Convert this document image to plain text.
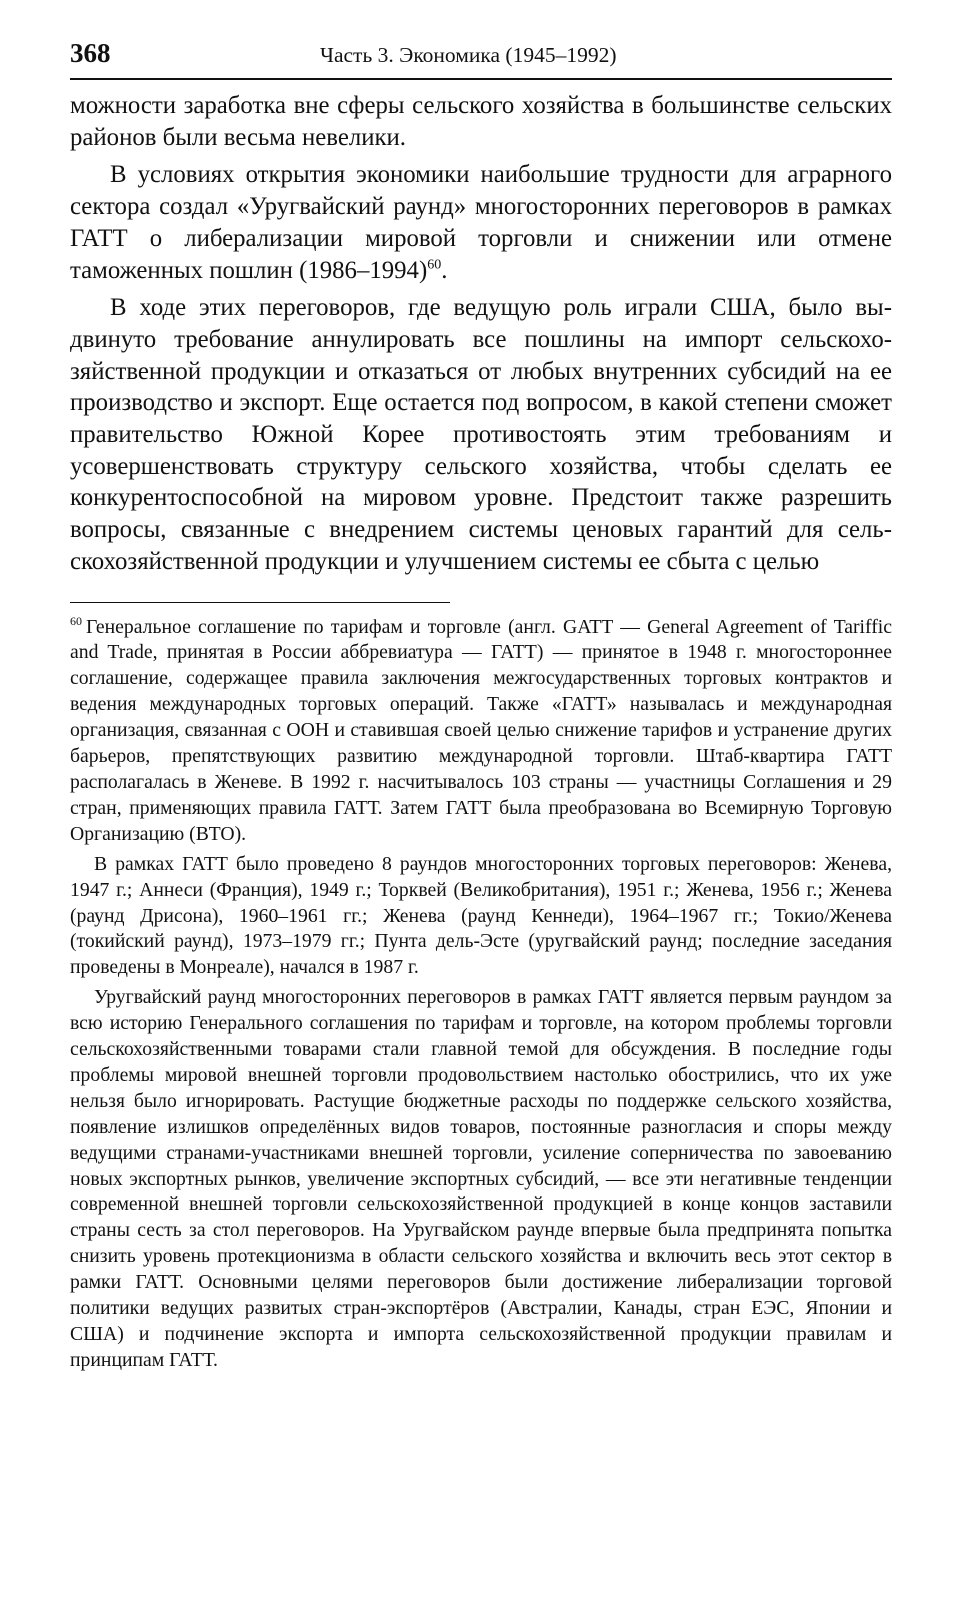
368	Часть 3. Экономика (1945–1992)

можности заработка вне сферы сельского хозяйства в большинстве сельских районов были весьма невелики.

В условиях открытия экономики наибольшие трудности для аграрного сектора создал «Уругвайский раунд» многосторонних переговоров в рамках ГАТТ о либерализации мировой торговли и снижении или отмене таможенных пошлин (1986–1994)$^{60}$.

В ходе этих переговоров, где ведущую роль играли США, было выдвинуто требование аннулировать все пошлины на импорт сельскохозяйственной продукции и отказаться от любых внутренних субсидий на ее производство и экспорт. Еще остается под вопросом, в какой степени сможет правительство Южной Корее противостоять этим требованиям и усовершенствовать структуру сельского хозяйства, чтобы сделать ее конкурентоспособной на мировом уровне. Предстоит также разрешить вопросы, связанные с внедрением системы ценовых гарантий для сельскохозяйственной продукции и улучшением системы ее сбыта с целью

$^{60}$ Генеральное соглашение по тарифам и торговле (англ. GATT — General Agreement of Tariffic and Trade, принятая в России аббревиатура — ГАТТ) — принятое в 1948 г. многостороннее соглашение, содержащее правила заключения межгосударственных торговых контрактов и ведения международных торговых операций. Также «ГАТТ» называлась и международная организация, связанная с ООН и ставившая своей целью снижение тарифов и устранение других барьеров, препятствующих развитию международной торговли. Штаб-квартира ГАТТ располагалась в Женеве. В 1992 г. насчитывалось 103 страны — участницы Соглашения и 29 стран, применяющих правила ГАТТ. Затем ГАТТ была преобразована во Всемирную Торговую Организацию (ВТО).

В рамках ГАТТ было проведено 8 раундов многосторонних торговых переговоров: Женева, 1947 г.; Аннеси (Франция), 1949 г.; Торквей (Великобритания), 1951 г.; Женева, 1956 г.; Женева (раунд Дрисона), 1960–1961 гг.; Женева (раунд Кеннеди), 1964–1967 гг.; Токио/Женева (токийский раунд), 1973–1979 гг.; Пунта дель-Эсте (уругвайский раунд; последние заседания проведены в Монреале), начался в 1987 г.

Уругвайский раунд многосторонних переговоров в рамках ГАТТ является первым раундом за всю историю Генерального соглашения по тарифам и торговле, на котором проблемы торговли сельскохозяйственными товарами стали главной темой для обсуждения. В последние годы проблемы мировой внешней торговли продовольствием настолько обострились, что их уже нельзя было игнорировать. Растущие бюджетные расходы по поддержке сельского хозяйства, появление излишков определённых видов товаров, постоянные разногласия и споры между ведущими странами-участниками внешней торговли, усиление соперничества по завоеванию новых экспортных рынков, увеличение экспортных субсидий, — все эти негативные тенденции современной внешней торговли сельскохозяйственной продукцией в конце концов заставили страны сесть за стол переговоров. На Уругвайском раунде впервые была предпринята попытка снизить уровень протекционизма в области сельского хозяйства и включить весь этот сектор в рамки ГАТТ. Основными целями переговоров были достижение либерализации торговой политики ведущих развитых стран-экспортёров (Австралии, Канады, стран ЕЭС, Японии и США) и подчинение экспорта и импорта сельскохозяйственной продукции правилам и принципам ГАТТ.
